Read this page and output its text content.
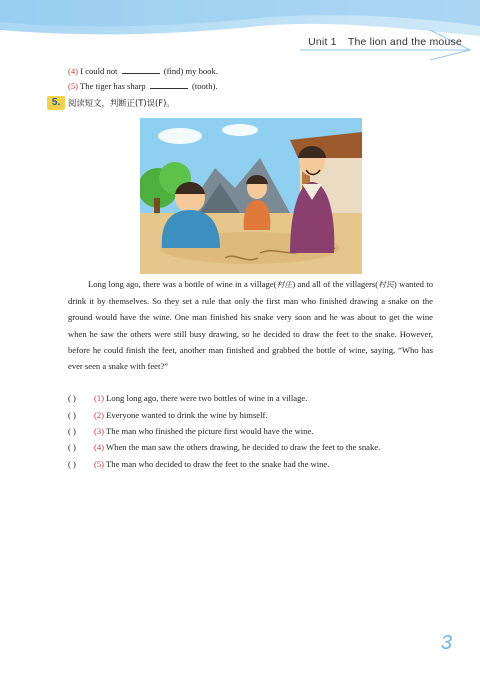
Unit 1 The lion and the mouse
(4) I could not	(find) my book.
(5) The tiger has sharp	(tooth).
5. 阅读短文，判断正(T)误(F)。
Long long ago, there was a bottle of wine in a village(村庄) and all of the villagers(村民) wanted to drink it by themselves. So they set a rule that only the first man who finished drawing a snake on the ground would have the wine. One man finished his snake very soon and he was about to get the wine when he saw the others were still busy drawing, so he decided to draw the feet to the snake. However, before he could finish the feet, another man finished and grabbed the bottle of wine, saying, “Who has ever seen a snake with feet?”
( ) (1) Long long ago, there were two bottles of wine in a village.
( ) (2) Everyone wanted to drink the wine by himself.
( ) (3) The man who finished the picture first would have the wine.
( ) (4) When the man saw the others drawing, he decided to draw the feet to the snake.
( ) (5) The man who decided to draw the feet to the snake had the wine.
3
